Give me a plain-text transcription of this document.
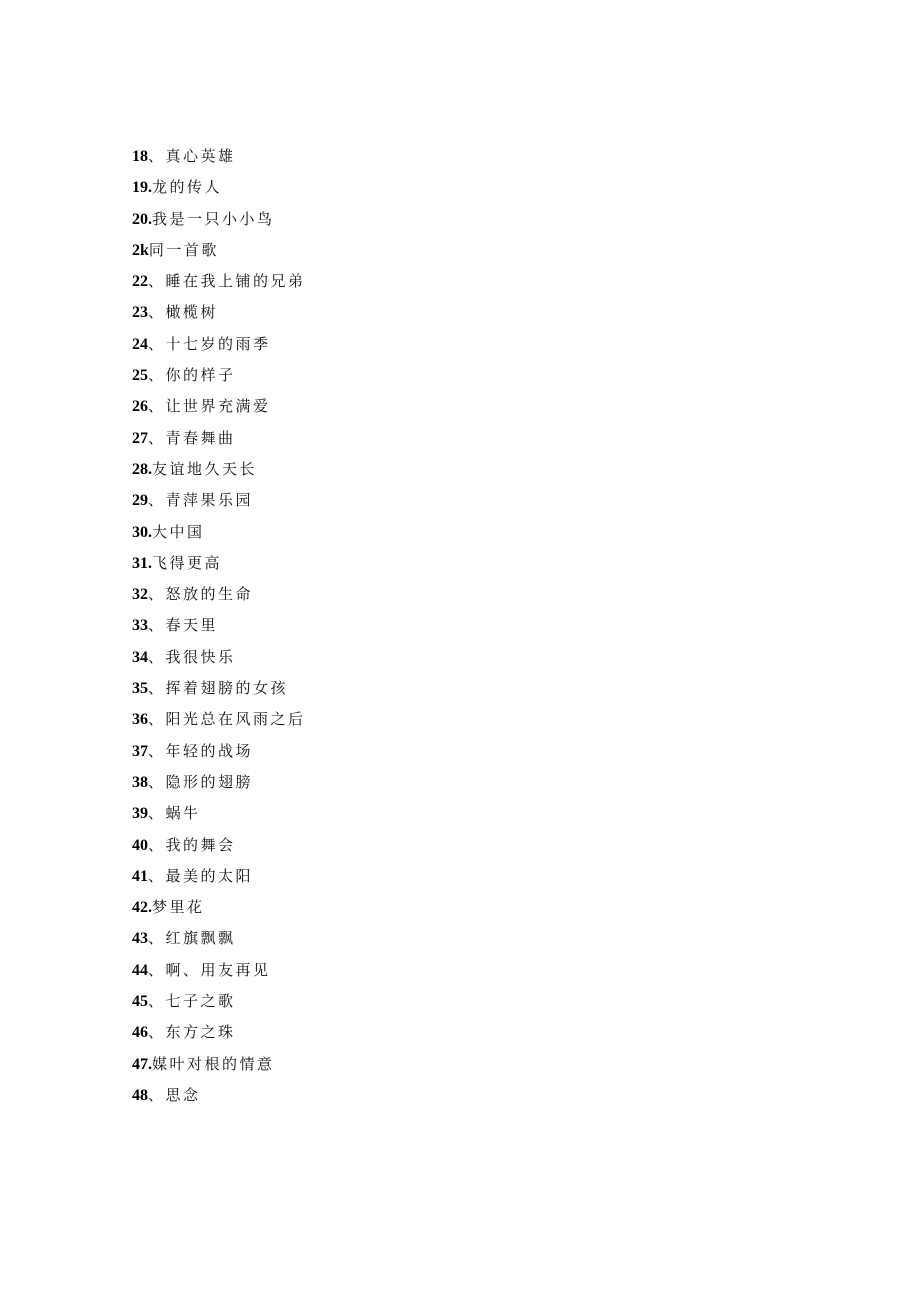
18、真心英雄
19.龙的传人
20.我是一只小小鸟
2k同一首歌
22、睡在我上铺的兄弟
23、橄榄树
24、十七岁的雨季
25、你的样子
26、让世界充满爱
27、青春舞曲
28.友谊地久天长
29、青萍果乐园
30.大中国
31.飞得更高
32、怒放的生命
33、春天里
34、我很快乐
35、挥着翅膀的女孩
36、阳光总在风雨之后
37、年轻的战场
38、隐形的翅膀
39、蜗牛
40、我的舞会
41、最美的太阳
42.梦里花
43、红旗飘飘
44、啊、用友再见
45、七子之歌
46、东方之珠
47.媒叶对根的情意
48、思念
